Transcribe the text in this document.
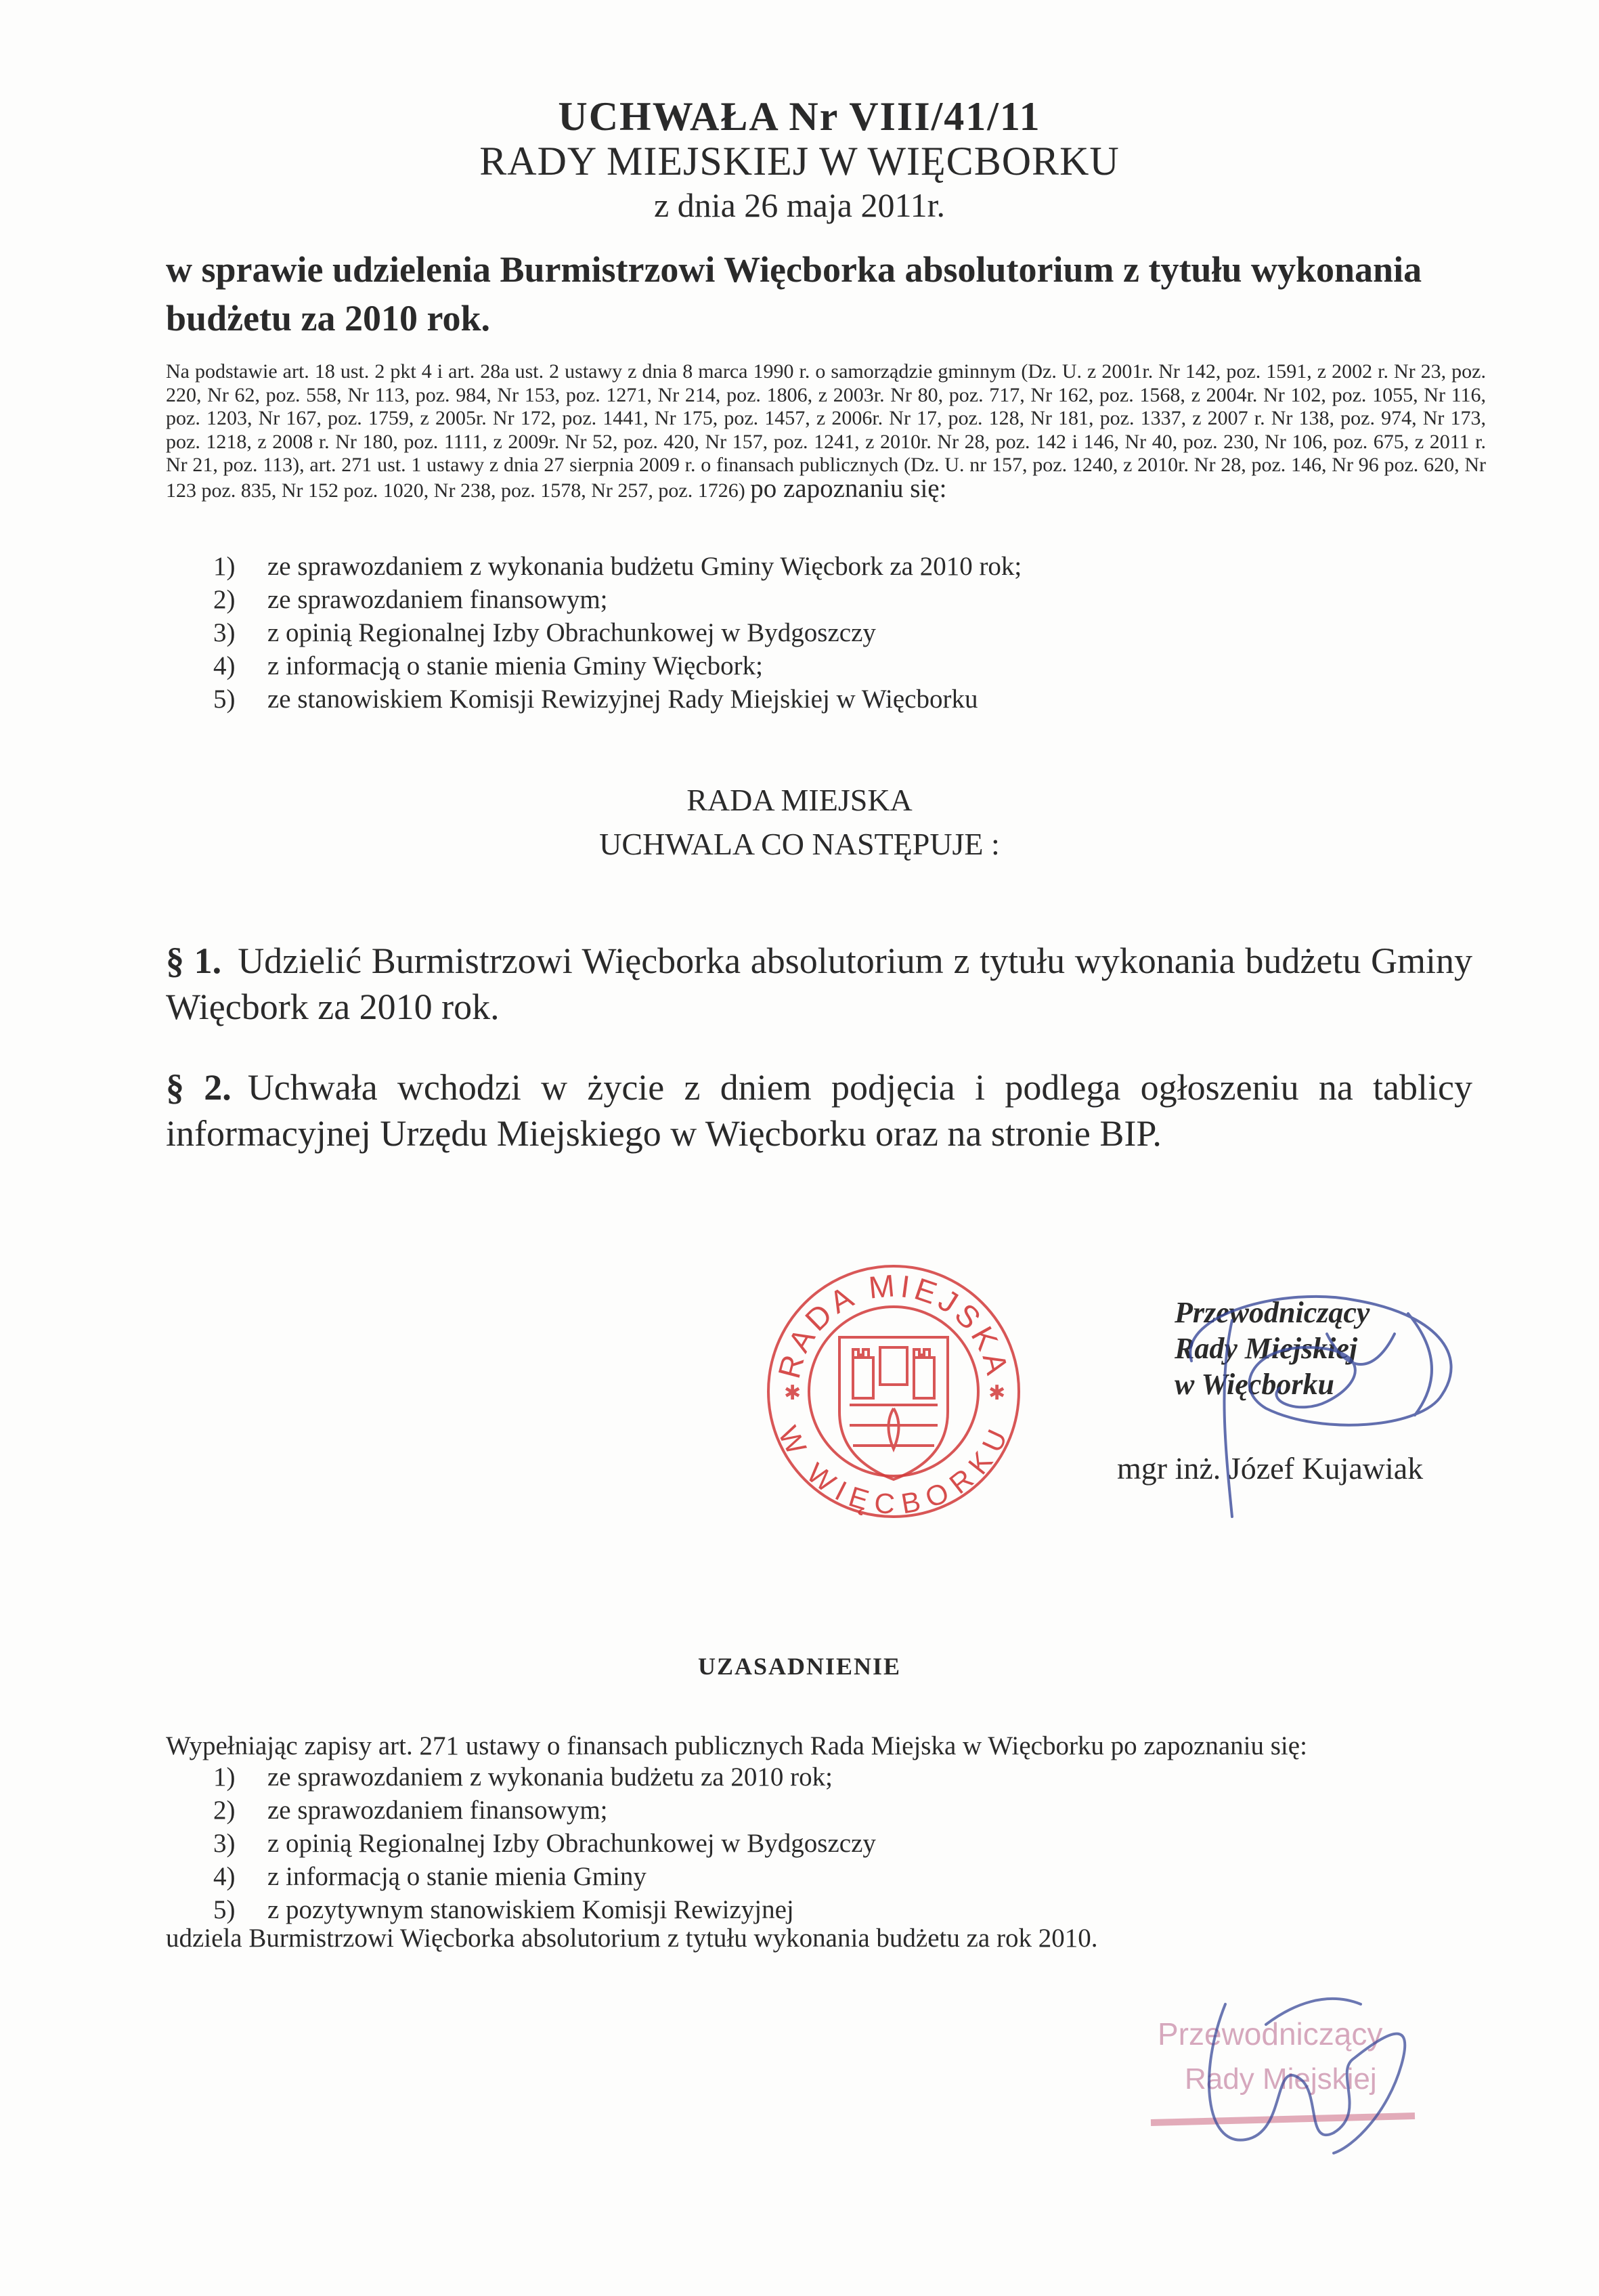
UCHWAŁA Nr VIII/41/11
RADY MIEJSKIEJ W WIĘCBORKU
z dnia 26 maja 2011r.
w sprawie udzielenia Burmistrzowi Więcborka absolutorium z tytułu wykonania budżetu za 2010 rok.
Na podstawie art. 18 ust. 2 pkt 4 i art. 28a ust. 2 ustawy z dnia 8 marca 1990 r. o samorządzie gminnym (Dz. U. z 2001r. Nr 142, poz. 1591, z 2002 r. Nr 23, poz. 220, Nr 62, poz. 558, Nr 113, poz. 984, Nr 153, poz. 1271, Nr 214, poz. 1806, z 2003r. Nr 80, poz. 717, Nr 162, poz. 1568, z 2004r. Nr 102, poz. 1055, Nr 116, poz. 1203, Nr 167, poz. 1759, z 2005r. Nr 172, poz. 1441, Nr 175, poz. 1457, z 2006r. Nr 17, poz. 128, Nr 181, poz. 1337, z 2007 r. Nr 138, poz. 974, Nr 173, poz. 1218, z 2008 r. Nr 180, poz. 1111, z 2009r. Nr 52, poz. 420, Nr 157, poz. 1241, z 2010r. Nr 28, poz. 142 i 146, Nr 40, poz. 230, Nr 106, poz. 675, z 2011 r. Nr 21, poz. 113), art. 271 ust. 1 ustawy z dnia 27 sierpnia 2009 r. o finansach publicznych (Dz. U. nr 157, poz. 1240, z 2010r. Nr 28, poz. 146, Nr 96 poz. 620, Nr 123 poz. 835, Nr 152 poz. 1020, Nr 238, poz. 1578, Nr 257, poz. 1726) po zapoznaniu się:
1)	ze sprawozdaniem z wykonania budżetu Gminy Więcbork za 2010 rok;
2)	ze sprawozdaniem finansowym;
3)	z opinią Regionalnej Izby Obrachunkowej w Bydgoszczy
4)	z informacją o stanie mienia Gminy Więcbork;
5)	ze stanowiskiem Komisji Rewizyjnej Rady Miejskiej w Więcborku
RADA MIEJSKA
UCHWALA CO NASTĘPUJE :
§ 1. Udzielić Burmistrzowi Więcborka absolutorium z tytułu wykonania budżetu Gminy Więcbork za 2010 rok.
§ 2. Uchwała wchodzi w życie z dniem podjęcia i podlega ogłoszeniu na tablicy informacyjnej Urzędu Miejskiego w Więcborku oraz na stronie BIP.
RADA MIEJSKA
W WIĘCBORKU
✱	✱
Przewodniczący
Rady Miejskiej
w Więcborku
mgr inż. Józef Kujawiak
UZASADNIENIE
Wypełniając zapisy art. 271 ustawy o finansach publicznych Rada Miejska w Więcborku po zapoznaniu się:
1)	ze sprawozdaniem z wykonania budżetu za 2010 rok;
2)	ze sprawozdaniem finansowym;
3)	z opinią Regionalnej Izby Obrachunkowej w Bydgoszczy
4)	z informacją o stanie mienia Gminy
5)	z pozytywnym stanowiskiem Komisji Rewizyjnej
udziela Burmistrzowi Więcborka absolutorium z tytułu wykonania budżetu za rok 2010.
Przewodniczący
Rady Miejskiej
